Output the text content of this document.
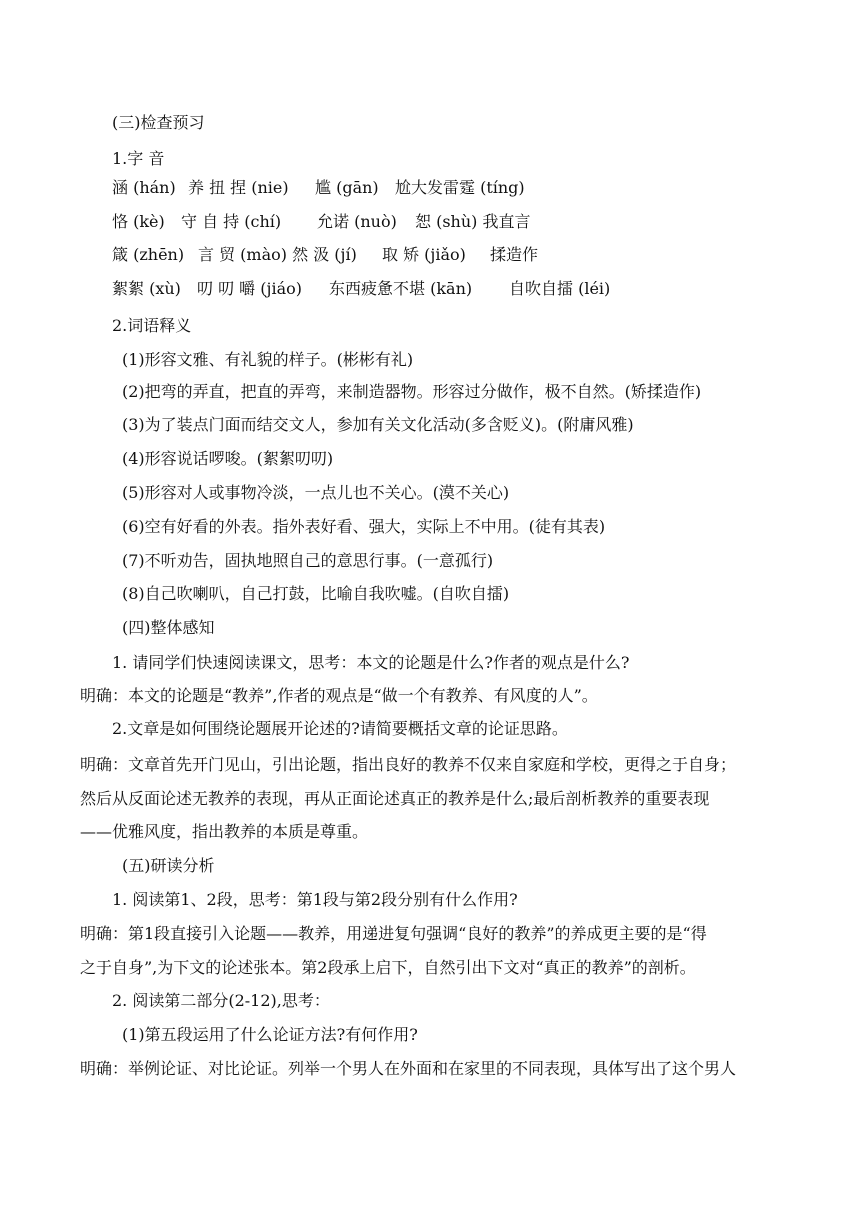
(三)检查预习
1.字 音
涵 (hán) 养 扭 捏 (nie) 尴 (gān) 尬大发雷霆 (tíng)
恪 (kè) 守 自 持 (chí) 允诺 (nuò) 恕 (shù) 我直言
箴 (zhēn) 言 贸 (mào) 然 汲 (jí) 取 矫 (jiǎo) 揉造作
絮絮 (xù) 叨 叨 嚼 (jiáo) 东西疲惫不堪 (kān) 自吹自擂 (léi)
2.词语释义
(1)形容文雅、有礼貌的样子。(彬彬有礼)
(2)把弯的弄直，把直的弄弯，来制造器物。形容过分做作，极不自然。(矫揉造作)
(3)为了装点门面而结交文人，参加有关文化活动(多含贬义)。(附庸风雅)
(4)形容说话啰唆。(絮絮叨叨)
(5)形容对人或事物冷淡，一点儿也不关心。(漠不关心)
(6)空有好看的外表。指外表好看、强大，实际上不中用。(徒有其表)
(7)不听劝告，固执地照自己的意思行事。(一意孤行)
(8)自己吹喇叭，自己打鼓，比喻自我吹嘘。(自吹自擂)
(四)整体感知
1. 请同学们快速阅读课文，思考：本文的论题是什么?作者的观点是什么?
明确：本文的论题是“教养”,作者的观点是“做一个有教养、有风度的人”。
2.文章是如何围绕论题展开论述的?请简要概括文章的论证思路。
明确：文章首先开门见山，引出论题，指出良好的教养不仅来自家庭和学校，更得之于自身；
然后从反面论述无教养的表现，再从正面论述真正的教养是什么;最后剖析教养的重要表现
——优雅风度，指出教养的本质是尊重。
(五)研读分析
1. 阅读第1、2段，思考：第1段与第2段分别有什么作用?
明确：第1段直接引入论题——教养，用递进复句强调“良好的教养”的养成更主要的是“得
之于自身”,为下文的论述张本。第2段承上启下，自然引出下文对“真正的教养”的剖析。
2. 阅读第二部分(2-12),思考：
(1)第五段运用了什么论证方法?有何作用?
明确：举例论证、对比论证。列举一个男人在外面和在家里的不同表现，具体写出了这个男人
